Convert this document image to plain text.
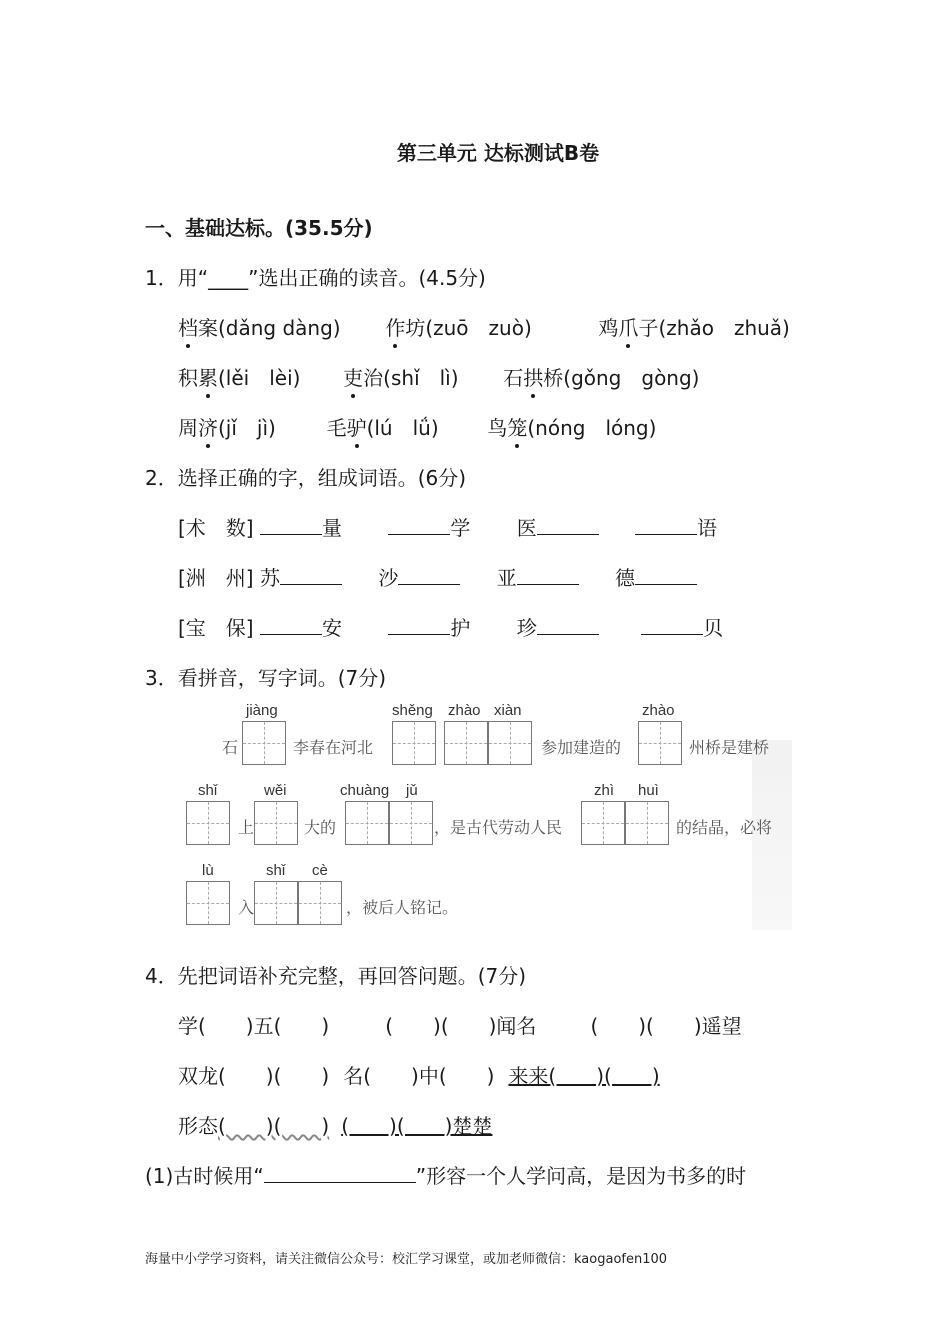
第三单元 达标测试B卷
一、基础达标。(35.5分)
1．用“____”选出正确的读音。(4.5分)
档案(dǎng dàng) 作坊(zuō　zuò)	鸡爪子(zhǎo　zhuǎ)
积累(lěi　lèi) 吏治(shǐ　lì) 石拱桥(gǒng　gòng)
周济(jǐ　jì)	毛驴(lú　lǘ) 鸟笼(nóng　lóng)
2．选择正确的字，组成词语。(6分)
[术　数]	量	学 医	语
[洲　州] 苏	沙	亚	德
[宝　保]	安	护 珍	贝
3．看拼音，写字词。(7分)
jiàng	shěng zhào xiàn	zhào
石	李春在河北	参加建造的	州桥是建桥
shǐ	wěi	chuàng jǔ	zhì huì
上	大的	，是古代劳动人民	的结晶，必将
lù	shǐ cè
入	，被后人铭记。
4．先把词语补充完整，再回答问题。(7分)
学(　　)五(　　)	(　　)(　　)闻名	(　　)(　　)遥望
双龙(　　)(　　) 名(　　)中(　　) 来来(　　)(　　)
形态(　　)(　　) (　　)(　　)楚楚
(1)古时候用“	”形容一个人学问高，是因为书多的时
海量中小学学习资料，请关注微信公众号：校汇学习课堂，或加老师微信：kaogaofen100
